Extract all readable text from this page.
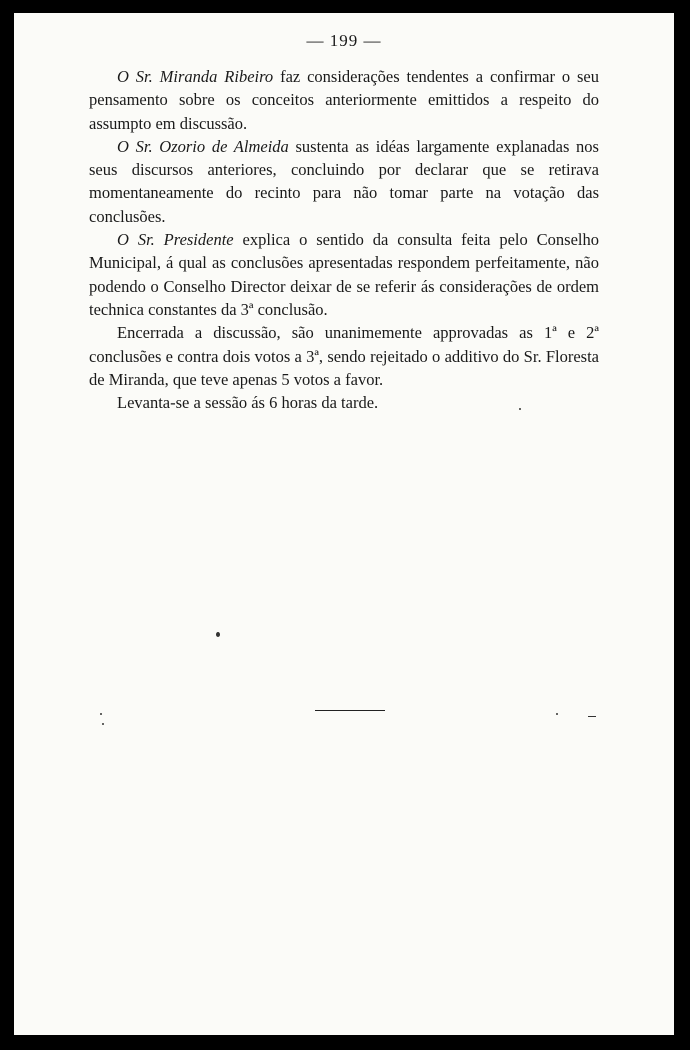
— 199 —

O Sr. Miranda Ribeiro faz considerações tendentes a confirmar o seu pensamento sobre os conceitos anteriormente emittidos a respeito do assumpto em discussão.

O Sr. Ozorio de Almeida sustenta as idéas largamente explanadas nos seus discursos anteriores, concluindo por declarar que se retirava momentaneamente do recinto para não tomar parte na votação das conclusões.

O Sr. Presidente explica o sentido da consulta feita pelo Conselho Municipal, á qual as conclusões apresentadas respondem perfeitamente, não podendo o Conselho Director deixar de se referir ás considerações de ordem technica constantes da 3ª conclusão.

Encerrada a discussão, são unanimemente approvadas as 1ª e 2ª conclusões e contra dois votos a 3ª, sendo rejeitado o additivo do Sr. Floresta de Miranda, que teve apenas 5 votos a favor.

Levanta-se a sessão ás 6 horas da tarde.
